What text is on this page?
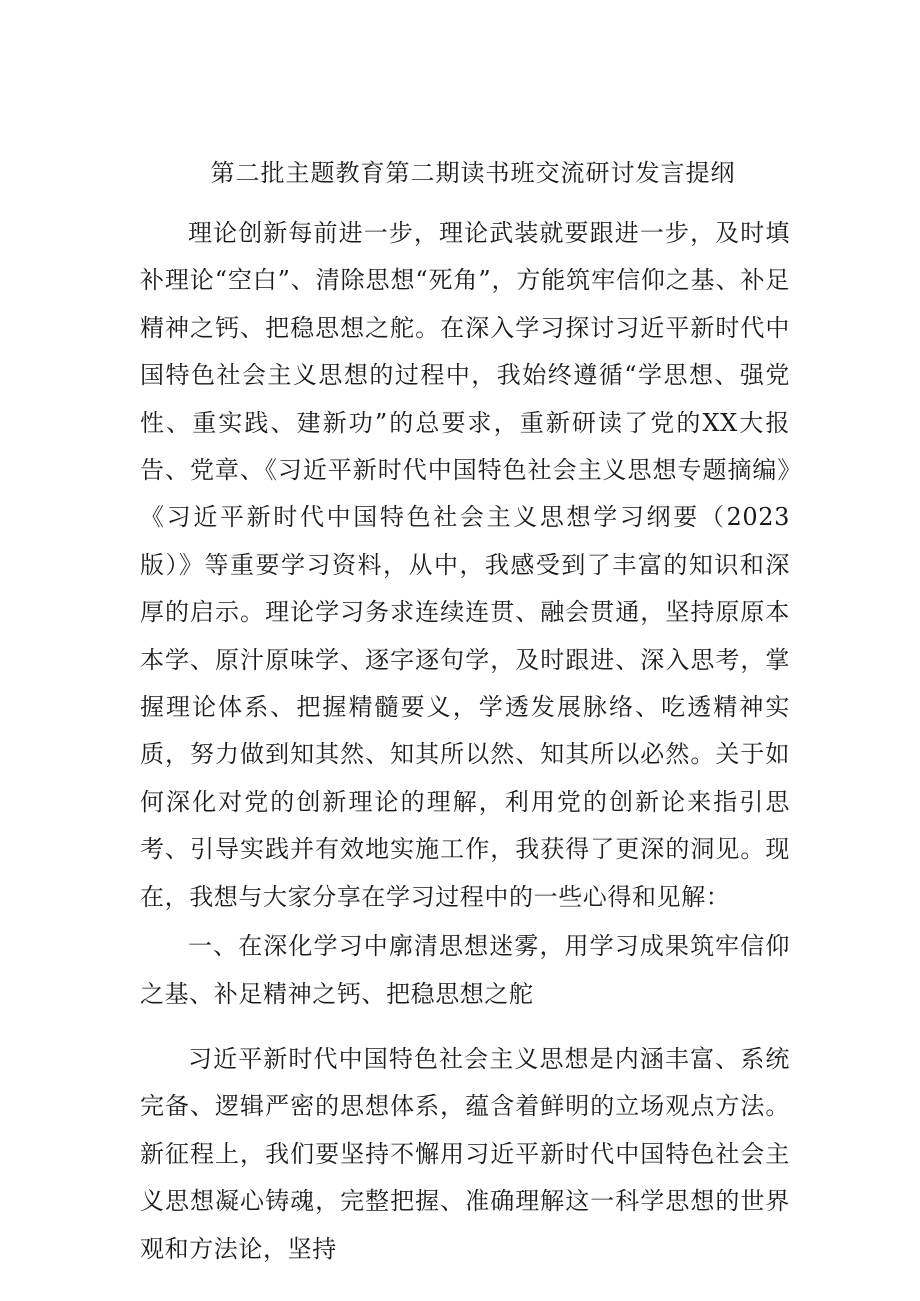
第二批主题教育第二期读书班交流研讨发言提纲

理论创新每前进一步，理论武装就要跟进一步，及时填补理论“空白”、清除思想“死角”，方能筑牢信仰之基、补足精神之钙、把稳思想之舵。在深入学习探讨习近平新时代中国特色社会主义思想的过程中，我始终遵循“学思想、强党性、重实践、建新功”的总要求，重新研读了党的XX大报告、党章、《习近平新时代中国特色社会主义思想专题摘编》《习近平新时代中国特色社会主义思想学习纲要（2023版）》等重要学习资料，从中，我感受到了丰富的知识和深厚的启示。理论学习务求连续连贯、融会贯通，坚持原原本本学、原汁原味学、逐字逐句学，及时跟进、深入思考，掌握理论体系、把握精髓要义，学透发展脉络、吃透精神实质，努力做到知其然、知其所以然、知其所以必然。关于如何深化对党的创新理论的理解，利用党的创新论来指引思考、引导实践并有效地实施工作，我获得了更深的洞见。现在，我想与大家分享在学习过程中的一些心得和见解：

一、在深化学习中廓清思想迷雾，用学习成果筑牢信仰之基、补足精神之钙、把稳思想之舵

习近平新时代中国特色社会主义思想是内涵丰富、系统完备、逻辑严密的思想体系，蕴含着鲜明的立场观点方法。新征程上，我们要坚持不懈用习近平新时代中国特色社会主义思想凝心铸魂，完整把握、准确理解这一科学思想的世界观和方法论，坚持
